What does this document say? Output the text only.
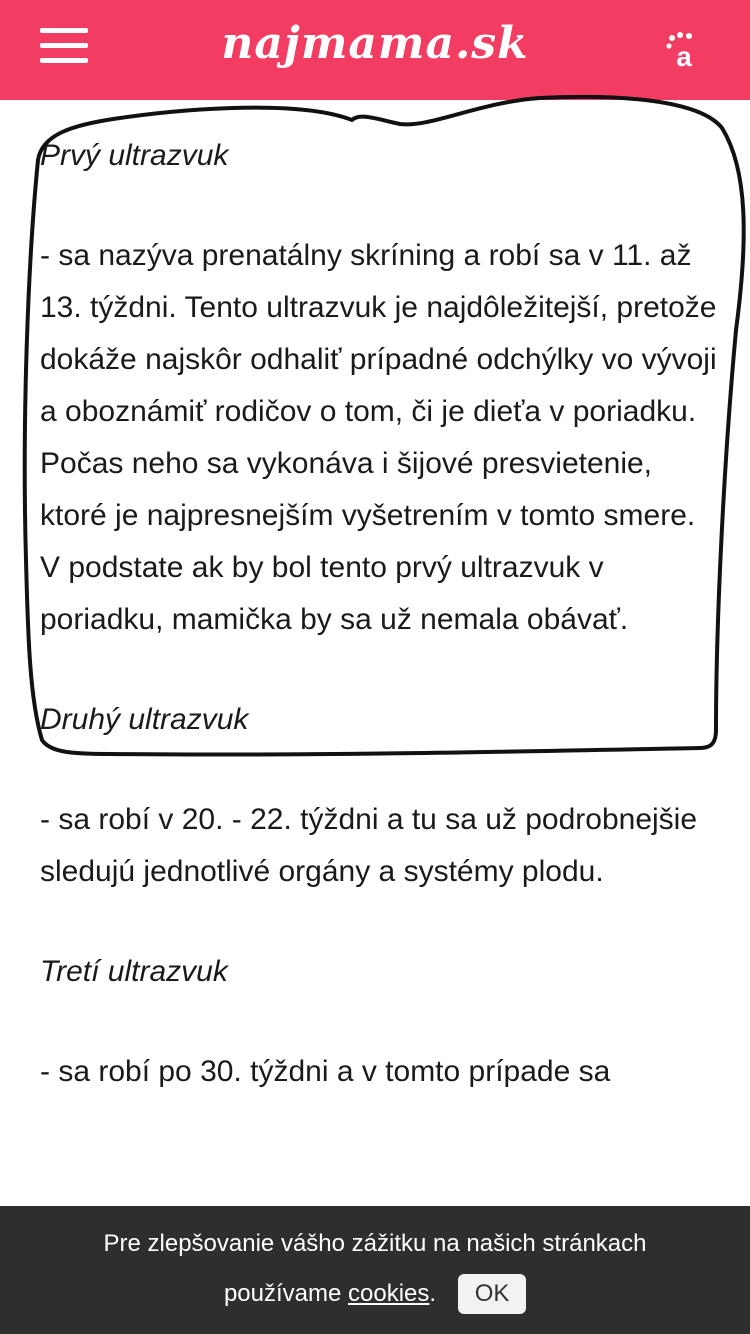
najmama.sk	a

Prvý ultrazvuk

- sa nazýva prenatálny skríning a robí sa v 11. až 13. týždni. Tento ultrazvuk je najdôležitejší, pretože dokáže najskôr odhaliť prípadné odchýlky vo vývoji a oboznámiť rodičov o tom, či je dieťa v poriadku. Počas neho sa vykonáva i šijové presvietenie, ktoré je najpresnejším vyšetrením v tomto smere. V podstate ak by bol tento prvý ultrazvuk v poriadku, mamička by sa už nemala obávať.

Druhý ultrazvuk

- sa robí v 20. - 22. týždni a tu sa už podrobnejšie sledujú jednotlivé orgány a systémy plodu.

Tretí ultrazvuk

- sa robí po 30. týždni a v tomto prípade sa

Pre zlepšovanie vášho zážitku na našich stránkach
používame cookies .	OK
